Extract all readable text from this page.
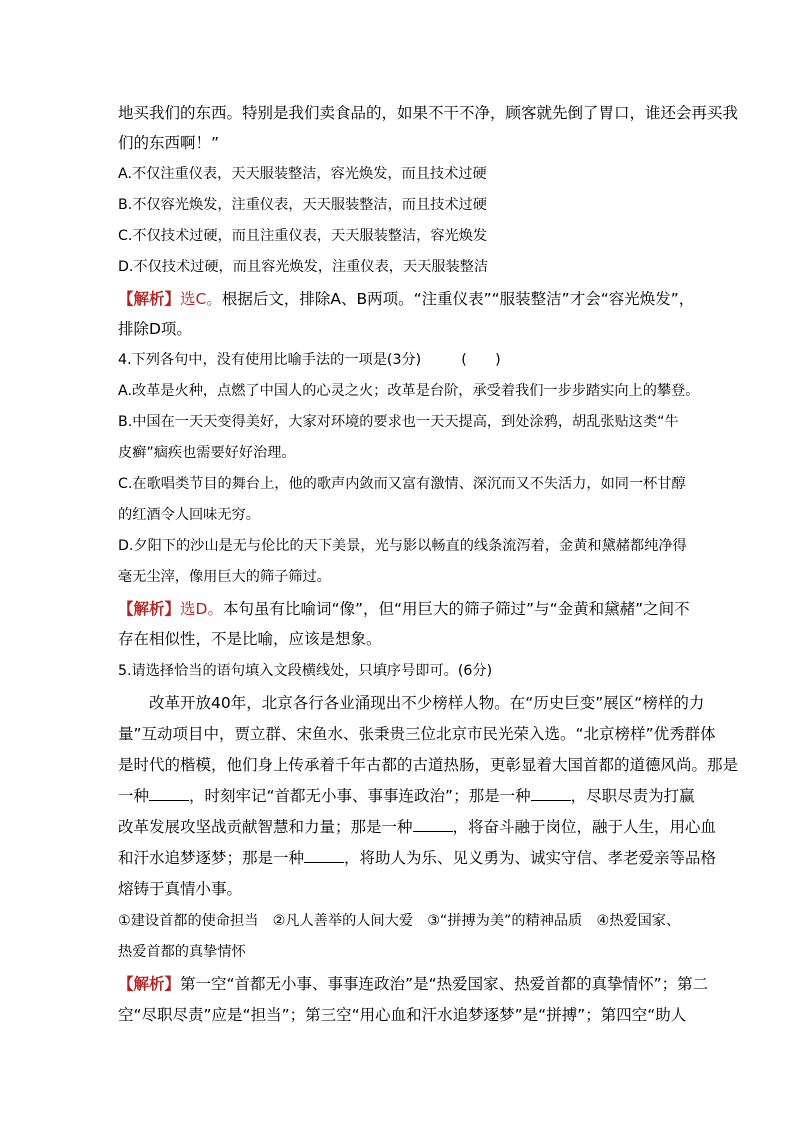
地买我们的东西。特别是我们卖食品的，如果不干不净，顾客就先倒了胃口，谁还会再买我
们的东西啊！”
A.不仅注重仪表，天天服装整洁，容光焕发，而且技术过硬
B.不仅容光焕发，注重仪表，天天服装整洁，而且技术过硬
C.不仅技术过硬，而且注重仪表，天天服装整洁，容光焕发
D.不仅技术过硬，而且容光焕发，注重仪表，天天服装整洁
【解析】选C。根据后文，排除A、B两项。“注重仪表”“服装整洁”才会“容光焕发”，
排除D项。
4.下列各句中，没有使用比喻手法的一项是(3分)	(　　)
A.改革是火种，点燃了中国人的心灵之火；改革是台阶，承受着我们一步步踏实向上的攀登。
B.中国在一天天变得美好，大家对环境的要求也一天天提高，到处涂鸦，胡乱张贴这类“牛
皮癣”痼疾也需要好好治理。
C.在歌唱类节目的舞台上，他的歌声内敛而又富有激情、深沉而又不失活力，如同一杯甘醇
的红酒令人回味无穷。
D.夕阳下的沙山是无与伦比的天下美景，光与影以畅直的线条流泻着，金黄和黛赭都纯净得
毫无尘滓，像用巨大的筛子筛过。
【解析】选D。本句虽有比喻词“像”，但“用巨大的筛子筛过”与“金黄和黛赭”之间不
存在相似性，不是比喻，应该是想象。
5.请选择恰当的语句填入文段横线处，只填序号即可。(6分)
改革开放40年，北京各行各业涌现出不少榜样人物。在“历史巨变”展区“榜样的力
量”互动项目中，贾立群、宋鱼水、张秉贵三位北京市民光荣入选。“北京榜样”优秀群体
是时代的楷模，他们身上传承着千年古都的古道热肠，更彰显着大国首都的道德风尚。那是
一种	，时刻牢记“首都无小事、事事连政治”；那是一种	，尽职尽责为打赢
改革发展攻坚战贡献智慧和力量；那是一种	，将奋斗融于岗位，融于人生，用心血
和汗水追梦逐梦；那是一种	，将助人为乐、见义勇为、诚实守信、孝老爱亲等品格
熔铸于真情小事。
①建设首都的使命担当　②凡人善举的人间大爱　③“拼搏为美”的精神品质　④热爱国家、
热爱首都的真挚情怀
【解析】第一空“首都无小事、事事连政治”是“热爱国家、热爱首都的真挚情怀”；第二
空“尽职尽责”应是“担当”；第三空“用心血和汗水追梦逐梦”是“拼搏”；第四空“助人
